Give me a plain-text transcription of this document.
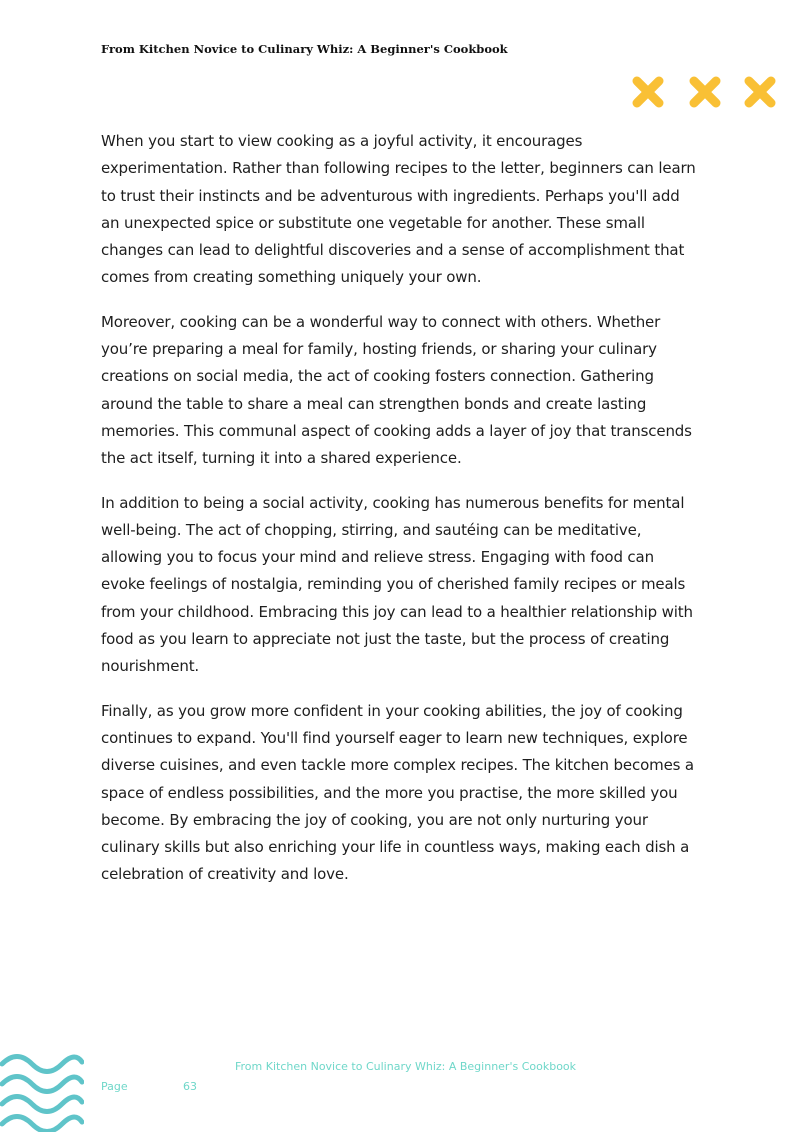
From Kitchen Novice to Culinary Whiz: A Beginner's Cookbook

When you start to view cooking as a joyful activity, it encourages experimentation. Rather than following recipes to the letter, beginners can learn to trust their instincts and be adventurous with ingredients. Perhaps you'll add an unexpected spice or substitute one vegetable for another. These small changes can lead to delightful discoveries and a sense of accomplishment that comes from creating something uniquely your own.

Moreover, cooking can be a wonderful way to connect with others. Whether you’re preparing a meal for family, hosting friends, or sharing your culinary creations on social media, the act of cooking fosters connection. Gathering around the table to share a meal can strengthen bonds and create lasting memories. This communal aspect of cooking adds a layer of joy that transcends the act itself, turning it into a shared experience.

In addition to being a social activity, cooking has numerous benefits for mental well-being. The act of chopping, stirring, and sautéing can be meditative, allowing you to focus your mind and relieve stress. Engaging with food can evoke feelings of nostalgia, reminding you of cherished family recipes or meals from your childhood. Embracing this joy can lead to a healthier relationship with food as you learn to appreciate not just the taste, but the process of creating nourishment.

Finally, as you grow more confident in your cooking abilities, the joy of cooking continues to expand. You'll find yourself eager to learn new techniques, explore diverse cuisines, and even tackle more complex recipes. The kitchen becomes a space of endless possibilities, and the more you practise, the more skilled you become. By embracing the joy of cooking, you are not only nurturing your culinary skills but also enriching your life in countless ways, making each dish a celebration of creativity and love.

From Kitchen Novice to Culinary Whiz: A Beginner's Cookbook
Page	63
